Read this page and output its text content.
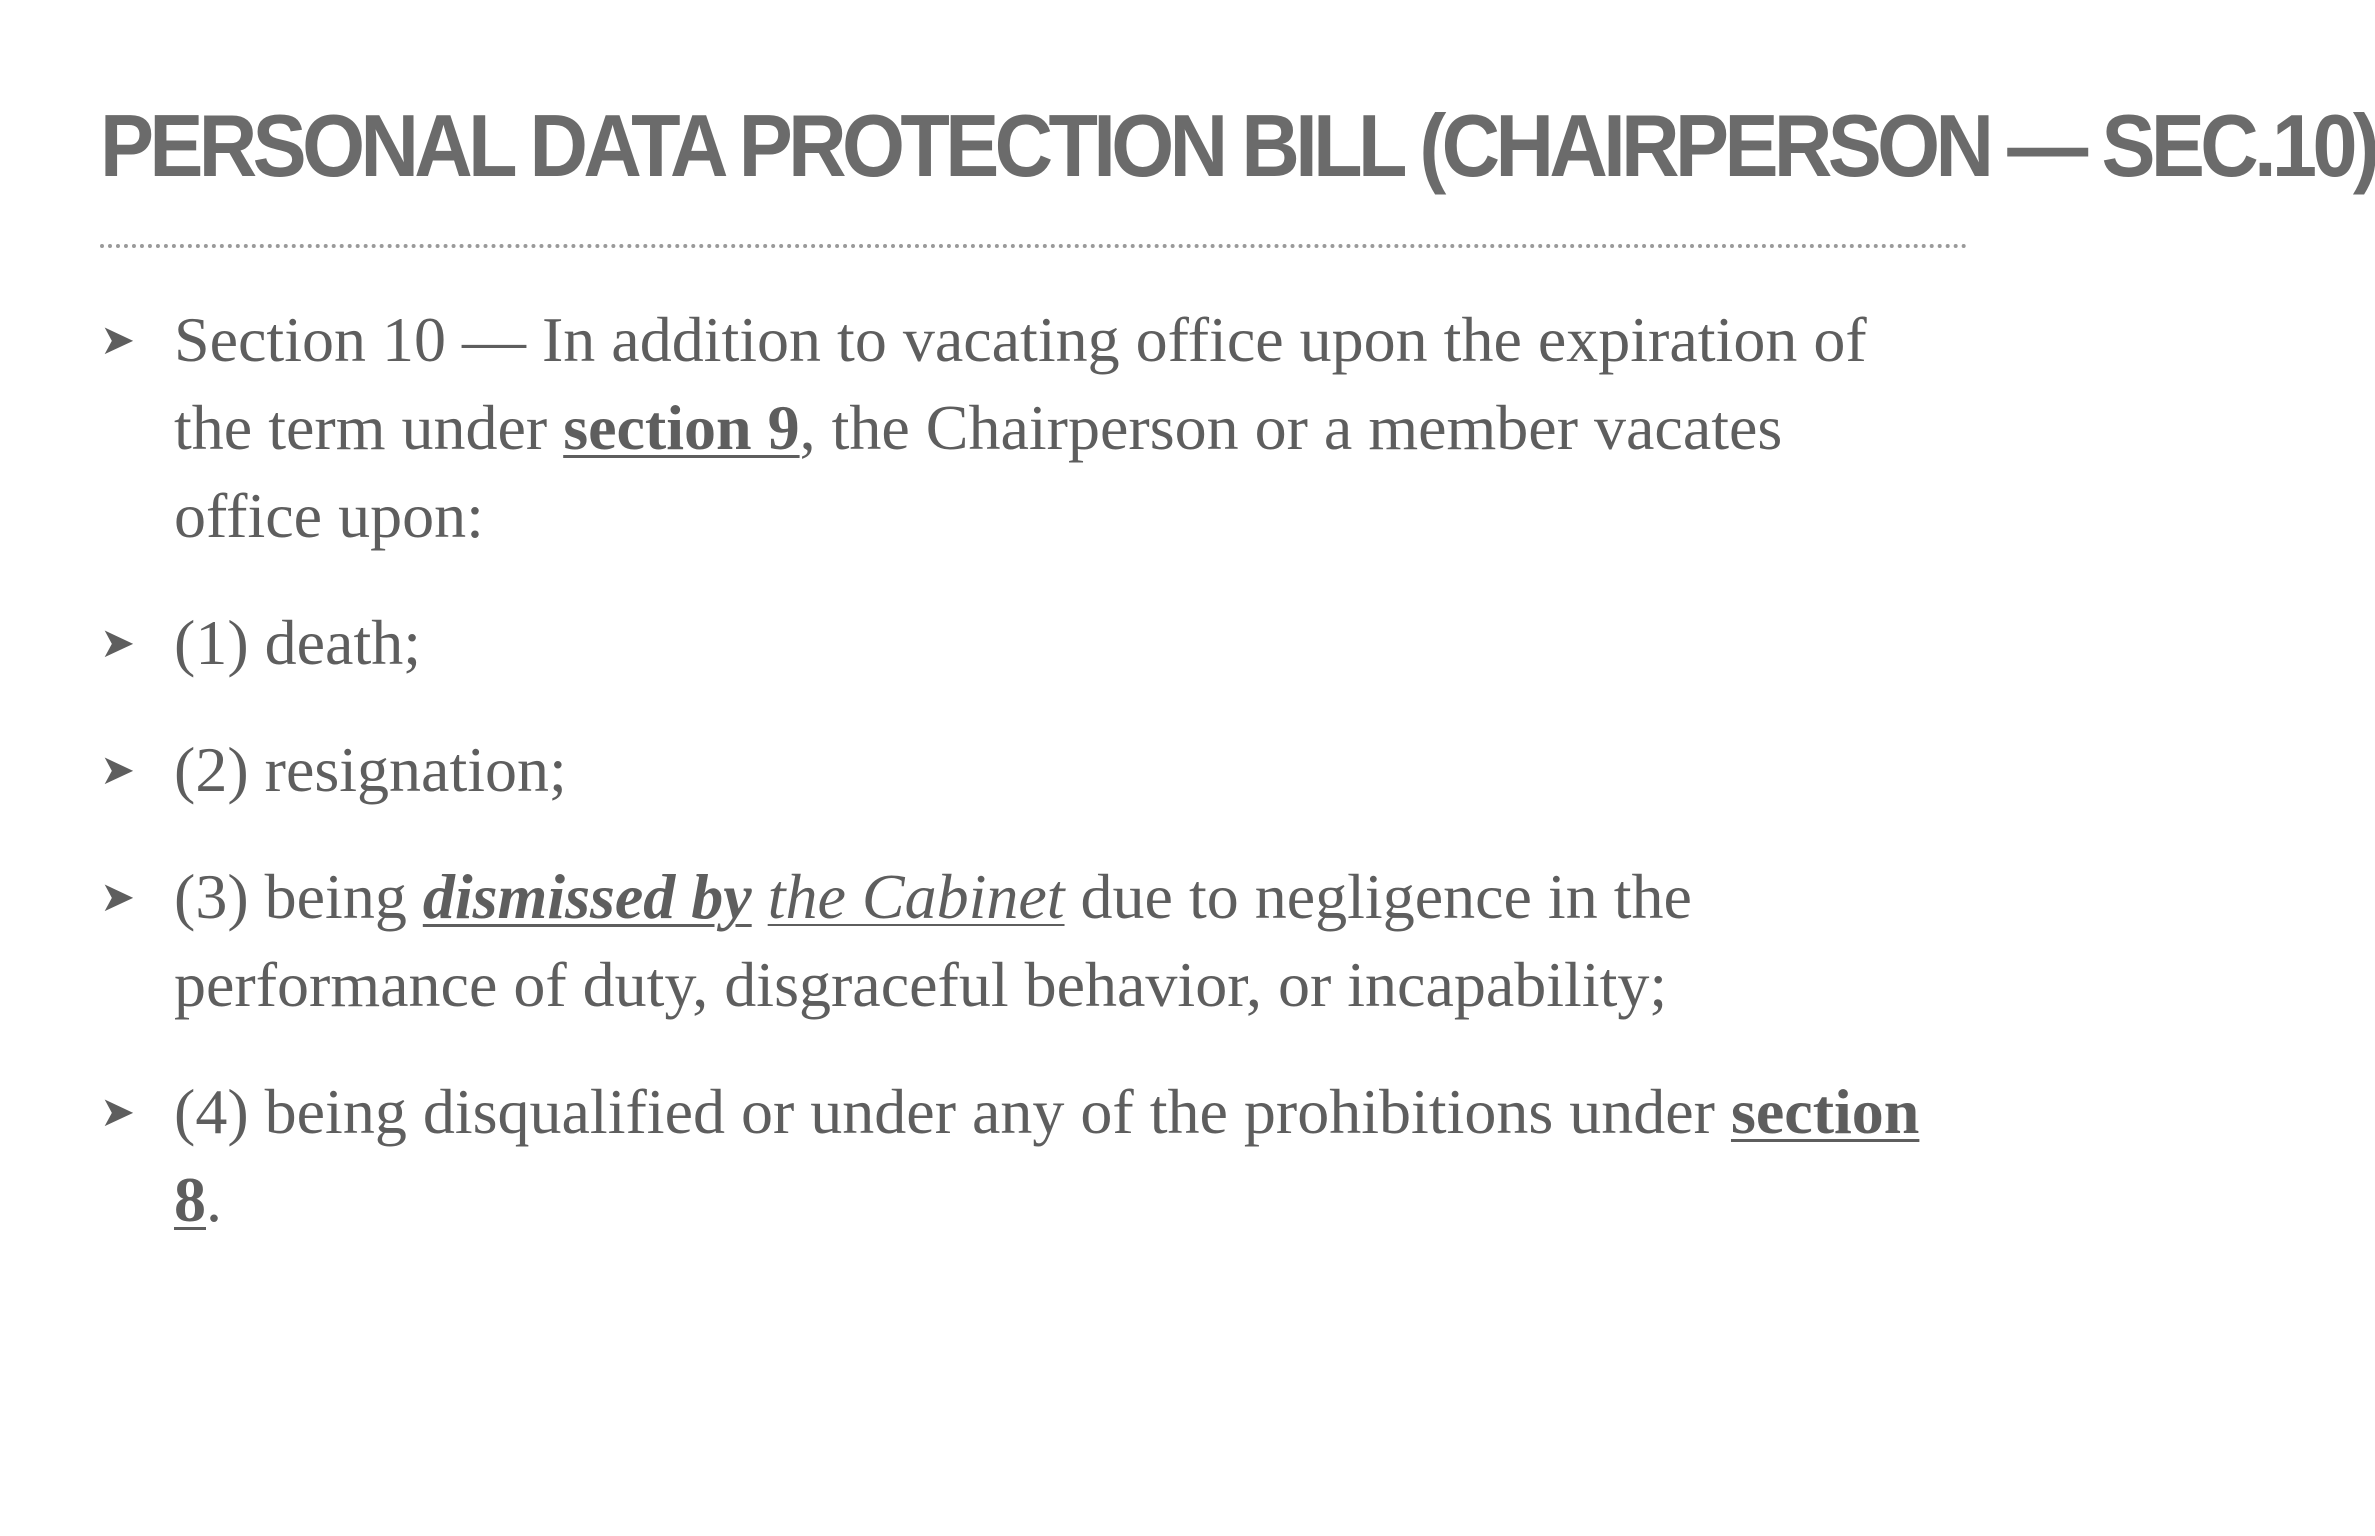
PERSONAL DATA PROTECTION BILL (CHAIRPERSON — SEC.10)
➤ Section 10 — In addition to vacating office upon the expiration of the term under section 9, the Chairperson or a member vacates office upon:
➤ (1) death;
➤ (2) resignation;
➤ (3) being dismissed by the Cabinet due to negligence in the performance of duty, disgraceful behavior, or incapability;
➤ (4) being disqualified or under any of the prohibitions under section 8.
